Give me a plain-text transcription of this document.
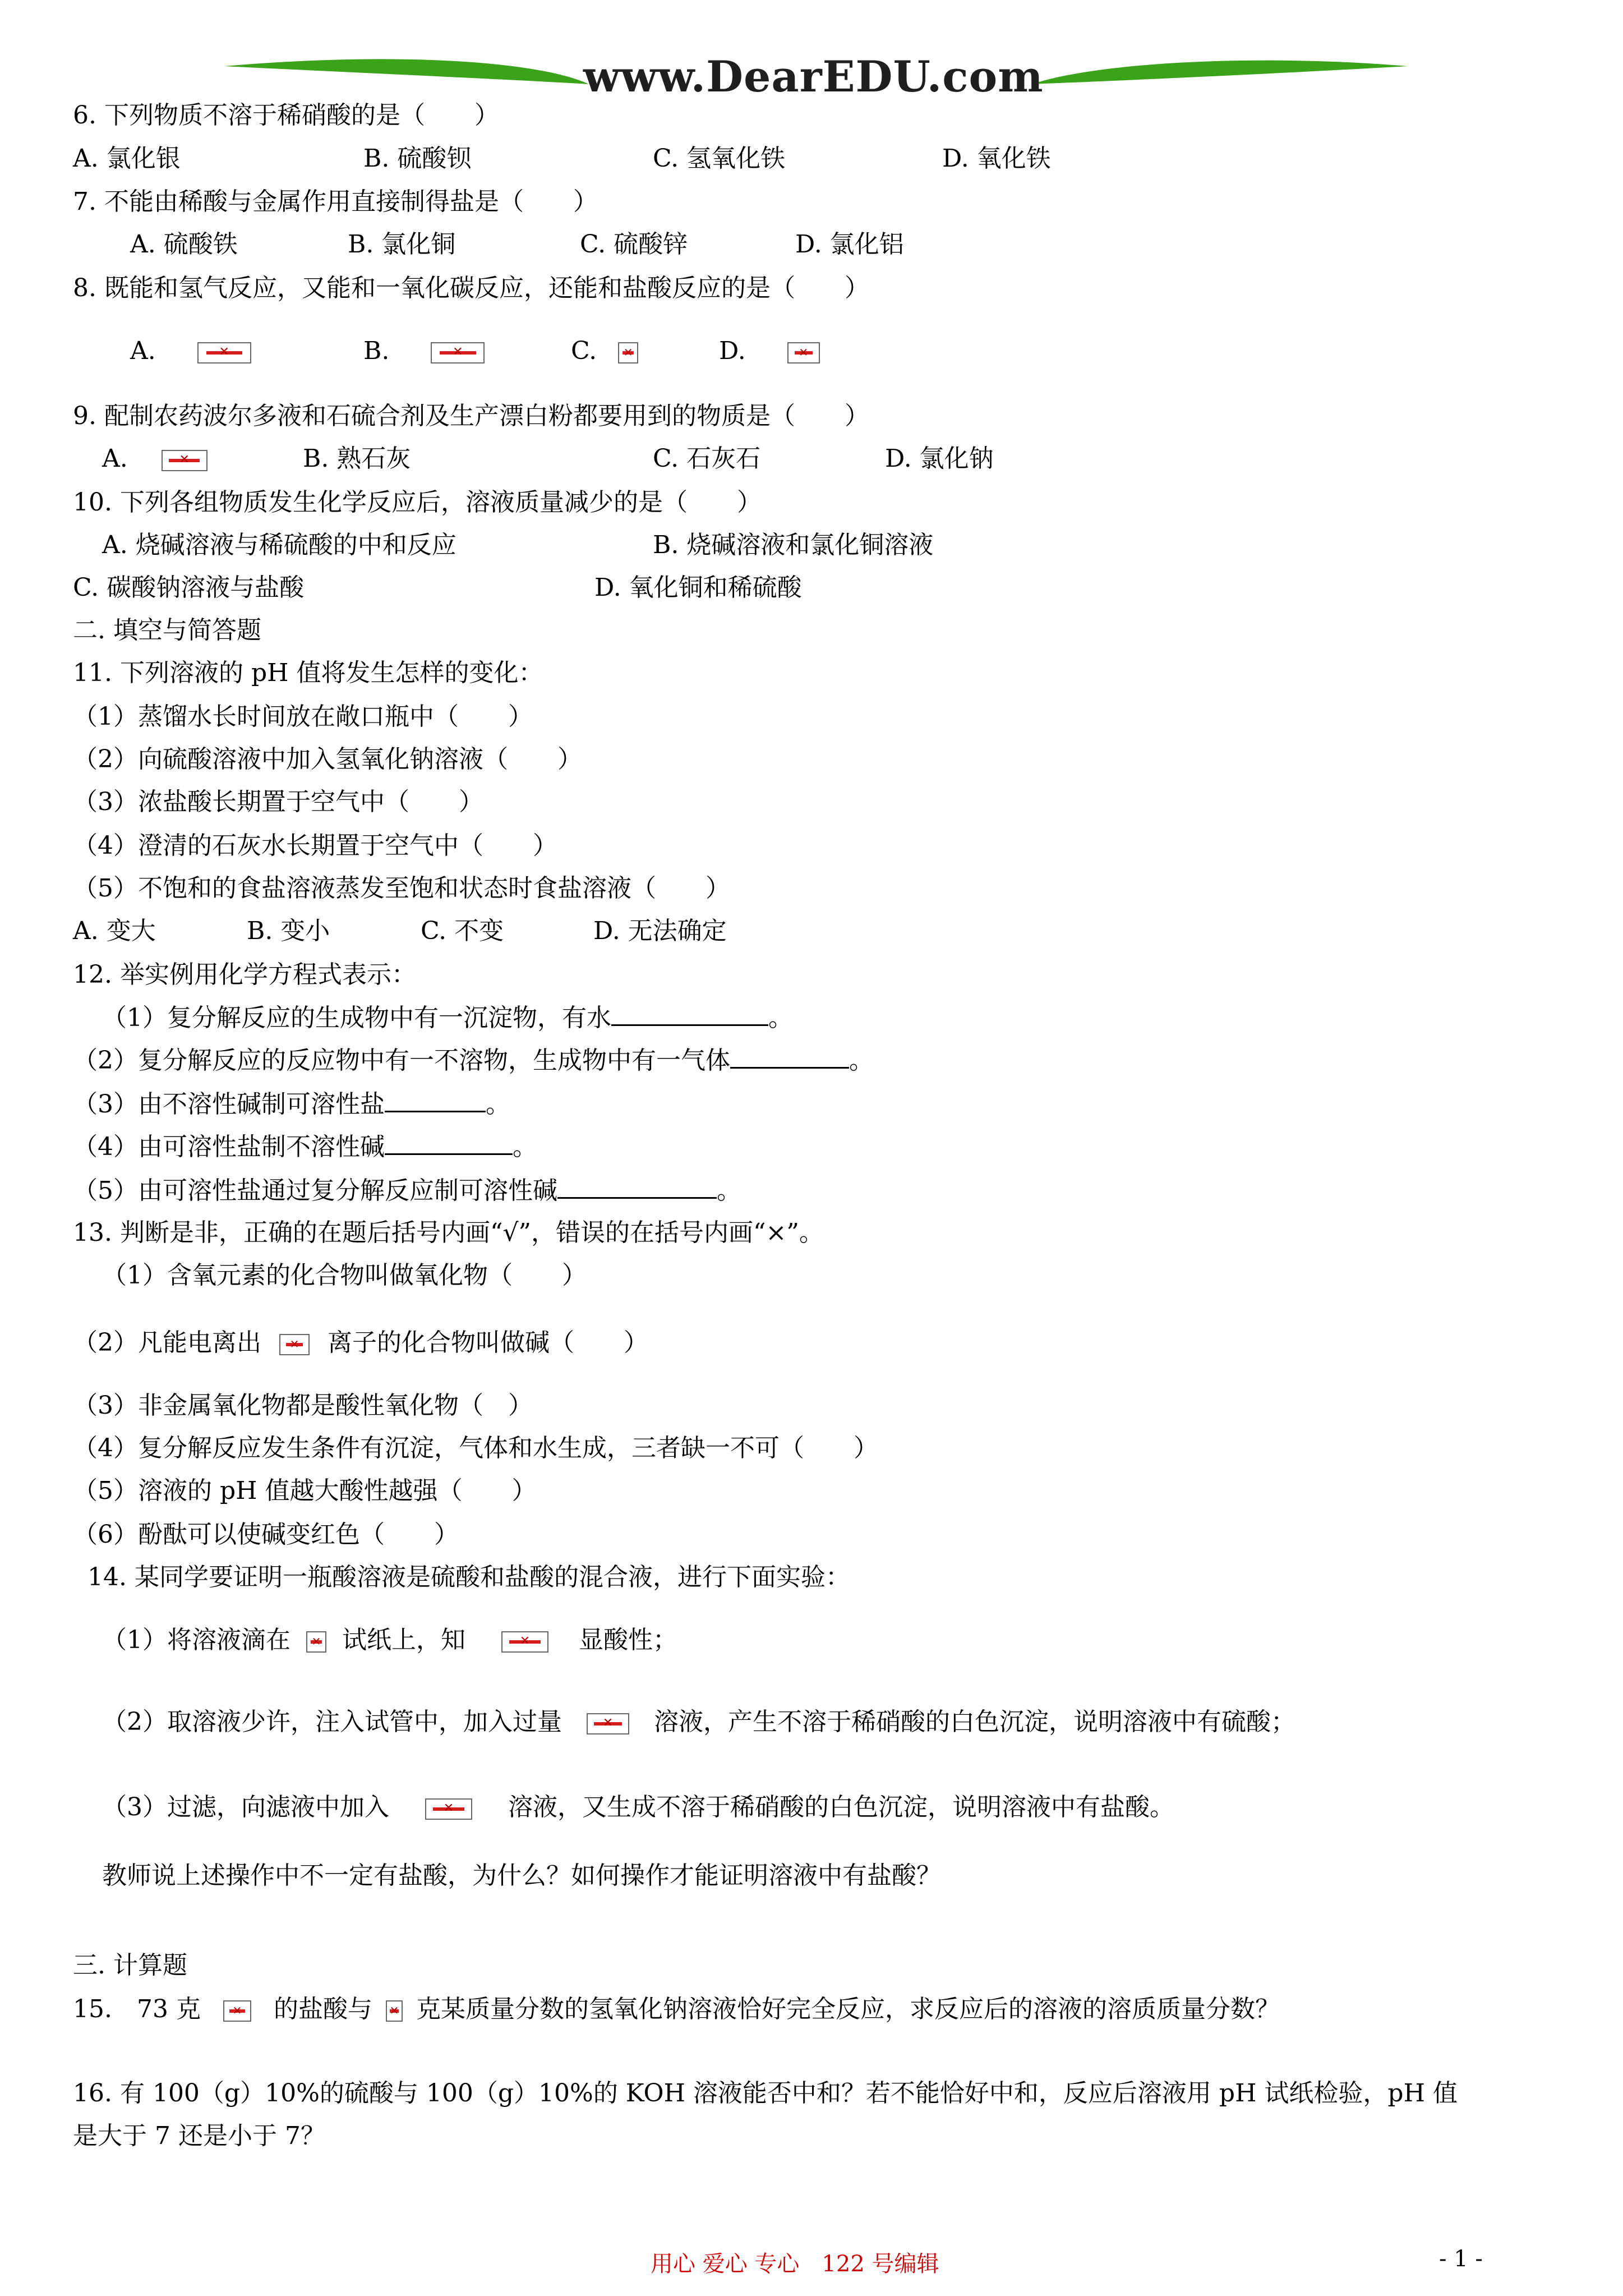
www.DearEDU.com
6. 下列物质不溶于稀硝酸的是（　　）
A. 氯化银	B. 硫酸钡	C. 氢氧化铁	D. 氧化铁
7. 不能由稀酸与金属作用直接制得盐是（　　）
A. 硫酸铁	B. 氯化铜	C. 硫酸锌	D. 氯化铝
8. 既能和氢气反应，又能和一氧化碳反应，还能和盐酸反应的是（　　）
A. ✕	B. ✕	C. ✕	D. ✕
9. 配制农药波尔多液和石硫合剂及生产漂白粉都要用到的物质是（　　）
A. ✕	B. 熟石灰	C. 石灰石	D. 氯化钠
10. 下列各组物质发生化学反应后，溶液质量减少的是（　　）
A. 烧碱溶液与稀硫酸的中和反应	B. 烧碱溶液和氯化铜溶液
C. 碳酸钠溶液与盐酸	D. 氧化铜和稀硫酸
二. 填空与简答题
11. 下列溶液的 pH 值将发生怎样的变化：
（1）蒸馏水长时间放在敞口瓶中（　　）
（2）向硫酸溶液中加入氢氧化钠溶液（　　）
（3）浓盐酸长期置于空气中（　　）
（4）澄清的石灰水长期置于空气中（　　）
（5）不饱和的食盐溶液蒸发至饱和状态时食盐溶液（　　）
A. 变大	B. 变小	C. 不变	D. 无法确定
12. 举实例用化学方程式表示：
（1）复分解反应的生成物中有一沉淀物，有水	。
（2）复分解反应的反应物中有一不溶物，生成物中有一气体	。
（3）由不溶性碱制可溶性盐	。
（4）由可溶性盐制不溶性碱	。
（5）由可溶性盐通过复分解反应制可溶性碱	。
13. 判断是非，正确的在题后括号内画“√”，错误的在括号内画“×”。
（1）含氧元素的化合物叫做氧化物（　　）
（2）凡能电离出 ✕	离子的化合物叫做碱（　　）
（3）非金属氧化物都是酸性氧化物（　）
（4）复分解反应发生条件有沉淀，气体和水生成，三者缺一不可（　　）
（5）溶液的 pH 值越大酸性越强（　　）
（6）酚酞可以使碱变红色（　　）
14. 某同学要证明一瓶酸溶液是硫酸和盐酸的混合液，进行下面实验：
（1）将溶液滴在 ✕ 试纸上，知 ✕	显酸性；
（2）取溶液少许，注入试管中，加入过量 ✕	溶液，产生不溶于稀硝酸的白色沉淀，说明溶液中有硫酸；
（3）过滤，向滤液中加入 ✕	溶液，又生成不溶于稀硝酸的白色沉淀，说明溶液中有盐酸。
教师说上述操作中不一定有盐酸，为什么？如何操作才能证明溶液中有盐酸？
三. 计算题
15.　73 克 ✕	的盐酸与 ✕ 克某质量分数的氢氧化钠溶液恰好完全反应，求反应后的溶液的溶质质量分数？
16. 有 100（g）10%的硫酸与 100（g）10%的 KOH 溶液能否中和？若不能恰好中和，反应后溶液用 pH 试纸检验，pH 值
是大于 7 还是小于 7？
用心 爱心 专心　122 号编辑	- 1 -
